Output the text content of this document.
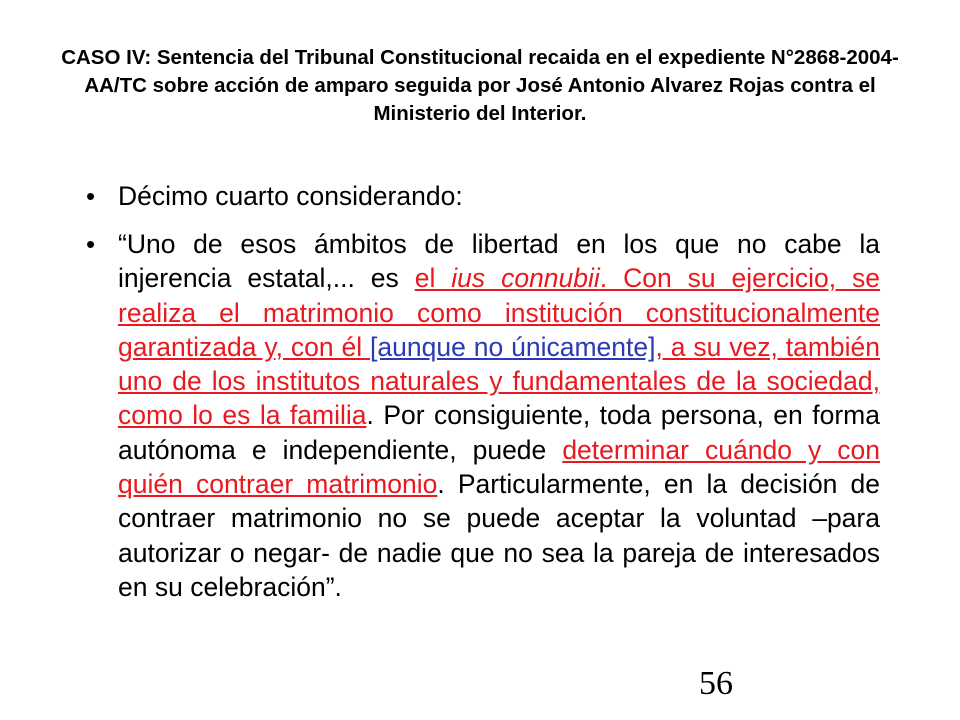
CASO IV: Sentencia del Tribunal Constitucional recaida en el expediente N°2868-2004-AA/TC sobre acción de amparo seguida por José Antonio Alvarez Rojas contra el Ministerio del Interior.
• Décimo cuarto considerando:
• “Uno de esos ámbitos de libertad en los que no cabe la injerencia estatal,... es el ius connubii. Con su ejercicio, se realiza el matrimonio como institución constitucionalmente garantizada y, con él [aunque no únicamente], a su vez, también uno de los institutos naturales y fundamentales de la sociedad, como lo es la familia. Por consiguiente, toda persona, en forma autónoma e independiente, puede determinar cuándo y con quién contraer matrimonio. Particularmente, en la decisión de contraer matrimonio no se puede aceptar la voluntad –para autorizar o negar- de nadie que no sea la pareja de interesados en su celebración”.
56
